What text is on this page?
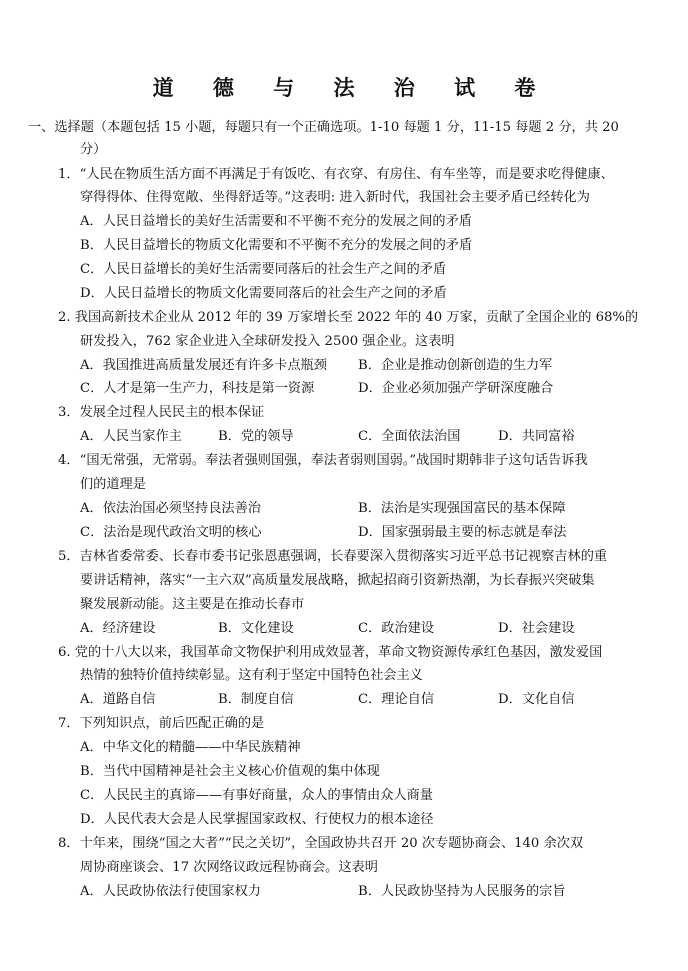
道 德 与 法 治 试 卷
一、选择题（本题包括 15 小题，每题只有一个正确选项。1-10 每题 1 分，11-15 每题 2 分，共 20
分）
1．“人民在物质生活方面不再满足于有饭吃、有衣穿、有房住、有车坐等，而是要求吃得健康、
穿得得体、住得宽敞、坐得舒适等。”这表明: 进入新时代，我国社会主要矛盾已经转化为
A．人民日益增长的美好生活需要和不平衡不充分的发展之间的矛盾
B．人民日益增长的物质文化需要和不平衡不充分的发展之间的矛盾
C．人民日益增长的美好生活需要同落后的社会生产之间的矛盾
D．人民日益增长的物质文化需要同落后的社会生产之间的矛盾
2. 我国高新技术企业从 2012 年的 39 万家增长至 2022 年的 40 万家，贡献了全国企业的 68%的
研发投入，762 家企业进入全球研发投入 2500 强企业。这表明
A．我国推进高质量发展还有许多卡点瓶颈 B．企业是推动创新创造的生力军
C．人才是第一生产力，科技是第一资源	D．企业必须加强产学研深度融合
3．发展全过程人民民主的根本保证
A．人民当家作主	B．党的领导	C．全面依法治国	D．共同富裕
4．“国无常强，无常弱。奉法者强则国强，奉法者弱则国弱。”战国时期韩非子这句话告诉我
们的道理是
A．依法治国必须坚持良法善治	B．法治是实现强国富民的基本保障
C．法治是现代政治文明的核心	D．国家强弱最主要的标志就是奉法
5．吉林省委常委、长春市委书记张恩惠强调，长春要深入贯彻落实习近平总书记视察吉林的重
要讲话精神，落实“一主六双”高质量发展战略，掀起招商引资新热潮，为长春振兴突破集
聚发展新动能。这主要是在推动长春市
A．经济建设	B．文化建设	C．政治建设	D．社会建设
6. 党的十八大以来，我国革命文物保护利用成效显著，革命文物资源传承红色基因，激发爱国
热情的独特价值持续彰显。这有利于坚定中国特色社会主义
A．道路自信	B．制度自信	C．理论自信	D．文化自信
7．下列知识点，前后匹配正确的是
A．中华文化的精髓——中华民族精神
B．当代中国精神是社会主义核心价值观的集中体现
C．人民民主的真谛——有事好商量，众人的事情由众人商量
D．人民代表大会是人民掌握国家政权、行使权力的根本途径
8．十年来，围绕“国之大者”“民之关切”，全国政协共召开 20 次专题协商会、140 余次双
周协商座谈会、17 次网络议政远程协商会。这表明
A．人民政协依法行使国家权力	B．人民政协坚持为人民服务的宗旨
